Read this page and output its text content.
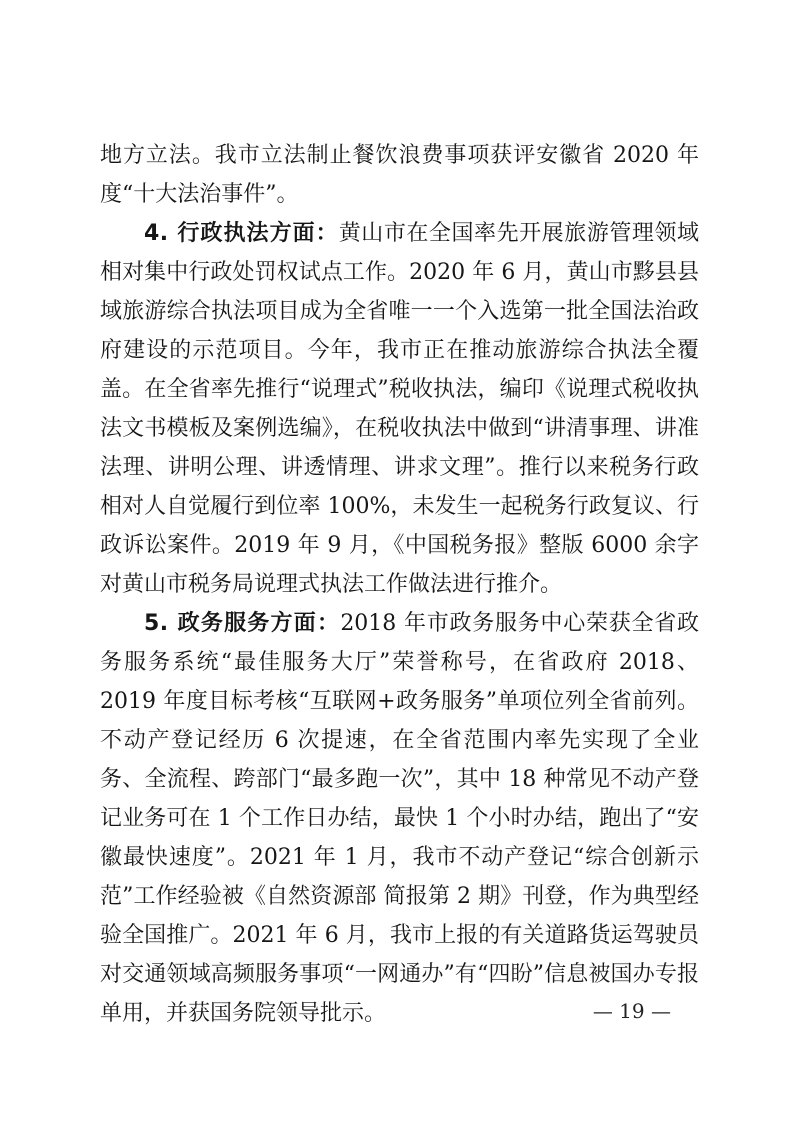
地方立法。我市立法制止餐饮浪费事项获评安徽省 2020 年度“十大法治事件”。

4. 行政执法方面：黄山市在全国率先开展旅游管理领域相对集中行政处罚权试点工作。2020 年 6 月，黄山市黟县县域旅游综合执法项目成为全省唯一一个入选第一批全国法治政府建设的示范项目。今年，我市正在推动旅游综合执法全覆盖。在全省率先推行“说理式”税收执法，编印《说理式税收执法文书模板及案例选编》，在税收执法中做到“讲清事理、讲准法理、讲明公理、讲透情理、讲求文理”。推行以来税务行政相对人自觉履行到位率 100%，未发生一起税务行政复议、行政诉讼案件。2019 年 9 月，《中国税务报》整版 6000 余字对黄山市税务局说理式执法工作做法进行推介。

5. 政务服务方面：2018 年市政务服务中心荣获全省政务服务系统“最佳服务大厅”荣誉称号，在省政府 2018、2019 年度目标考核“互联网+政务服务”单项位列全省前列。不动产登记经历 6 次提速，在全省范围内率先实现了全业务、全流程、跨部门“最多跑一次”，其中 18 种常见不动产登记业务可在 1 个工作日办结，最快 1 个小时办结，跑出了“安徽最快速度”。2021 年 1 月，我市不动产登记“综合创新示范”工作经验被《自然资源部 简报第 2 期》刊登，作为典型经验全国推广。2021 年 6 月，我市上报的有关道路货运驾驶员对交通领域高频服务事项“一网通办”有“四盼”信息被国办专报单用，并获国务院领导批示。	— 19 —
